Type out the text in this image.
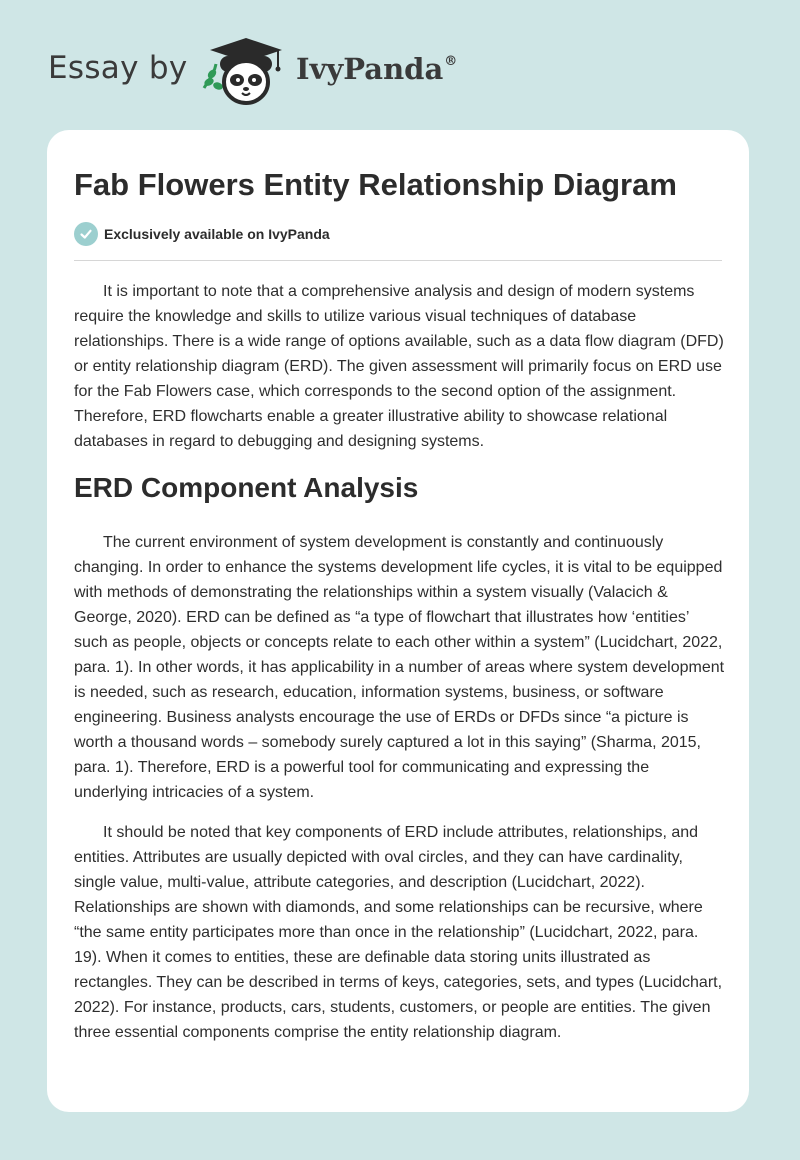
Essay by	IvyPanda®
Fab Flowers Entity Relationship Diagram
Exclusively available on IvyPanda

It is important to note that a comprehensive analysis and design of modern systems require the knowledge and skills to utilize various visual techniques of database relationships. There is a wide range of options available, such as a data flow diagram (DFD) or entity relationship diagram (ERD). The given assessment will primarily focus on ERD use for the Fab Flowers case, which corresponds to the second option of the assignment. Therefore, ERD flowcharts enable a greater illustrative ability to showcase relational databases in regard to debugging and designing systems.

ERD Component Analysis

The current environment of system development is constantly and continuously changing. In order to enhance the systems development life cycles, it is vital to be equipped with methods of demonstrating the relationships within a system visually (Valacich & George, 2020). ERD can be defined as “a type of flowchart that illustrates how ‘entities’ such as people, objects or concepts relate to each other within a system” (Lucidchart, 2022, para. 1). In other words, it has applicability in a number of areas where system development is needed, such as research, education, information systems, business, or software engineering. Business analysts encourage the use of ERDs or DFDs since “a picture is worth a thousand words – somebody surely captured a lot in this saying” (Sharma, 2015, para. 1). Therefore, ERD is a powerful tool for communicating and expressing the underlying intricacies of a system.

It should be noted that key components of ERD include attributes, relationships, and entities. Attributes are usually depicted with oval circles, and they can have cardinality, single value, multi-value, attribute categories, and description (Lucidchart, 2022). Relationships are shown with diamonds, and some relationships can be recursive, where “the same entity participates more than once in the relationship” (Lucidchart, 2022, para. 19). When it comes to entities, these are definable data storing units illustrated as rectangles. They can be described in terms of keys, categories, sets, and types (Lucidchart, 2022). For instance, products, cars, students, customers, or people are entities. The given three essential components comprise the entity relationship diagram.
